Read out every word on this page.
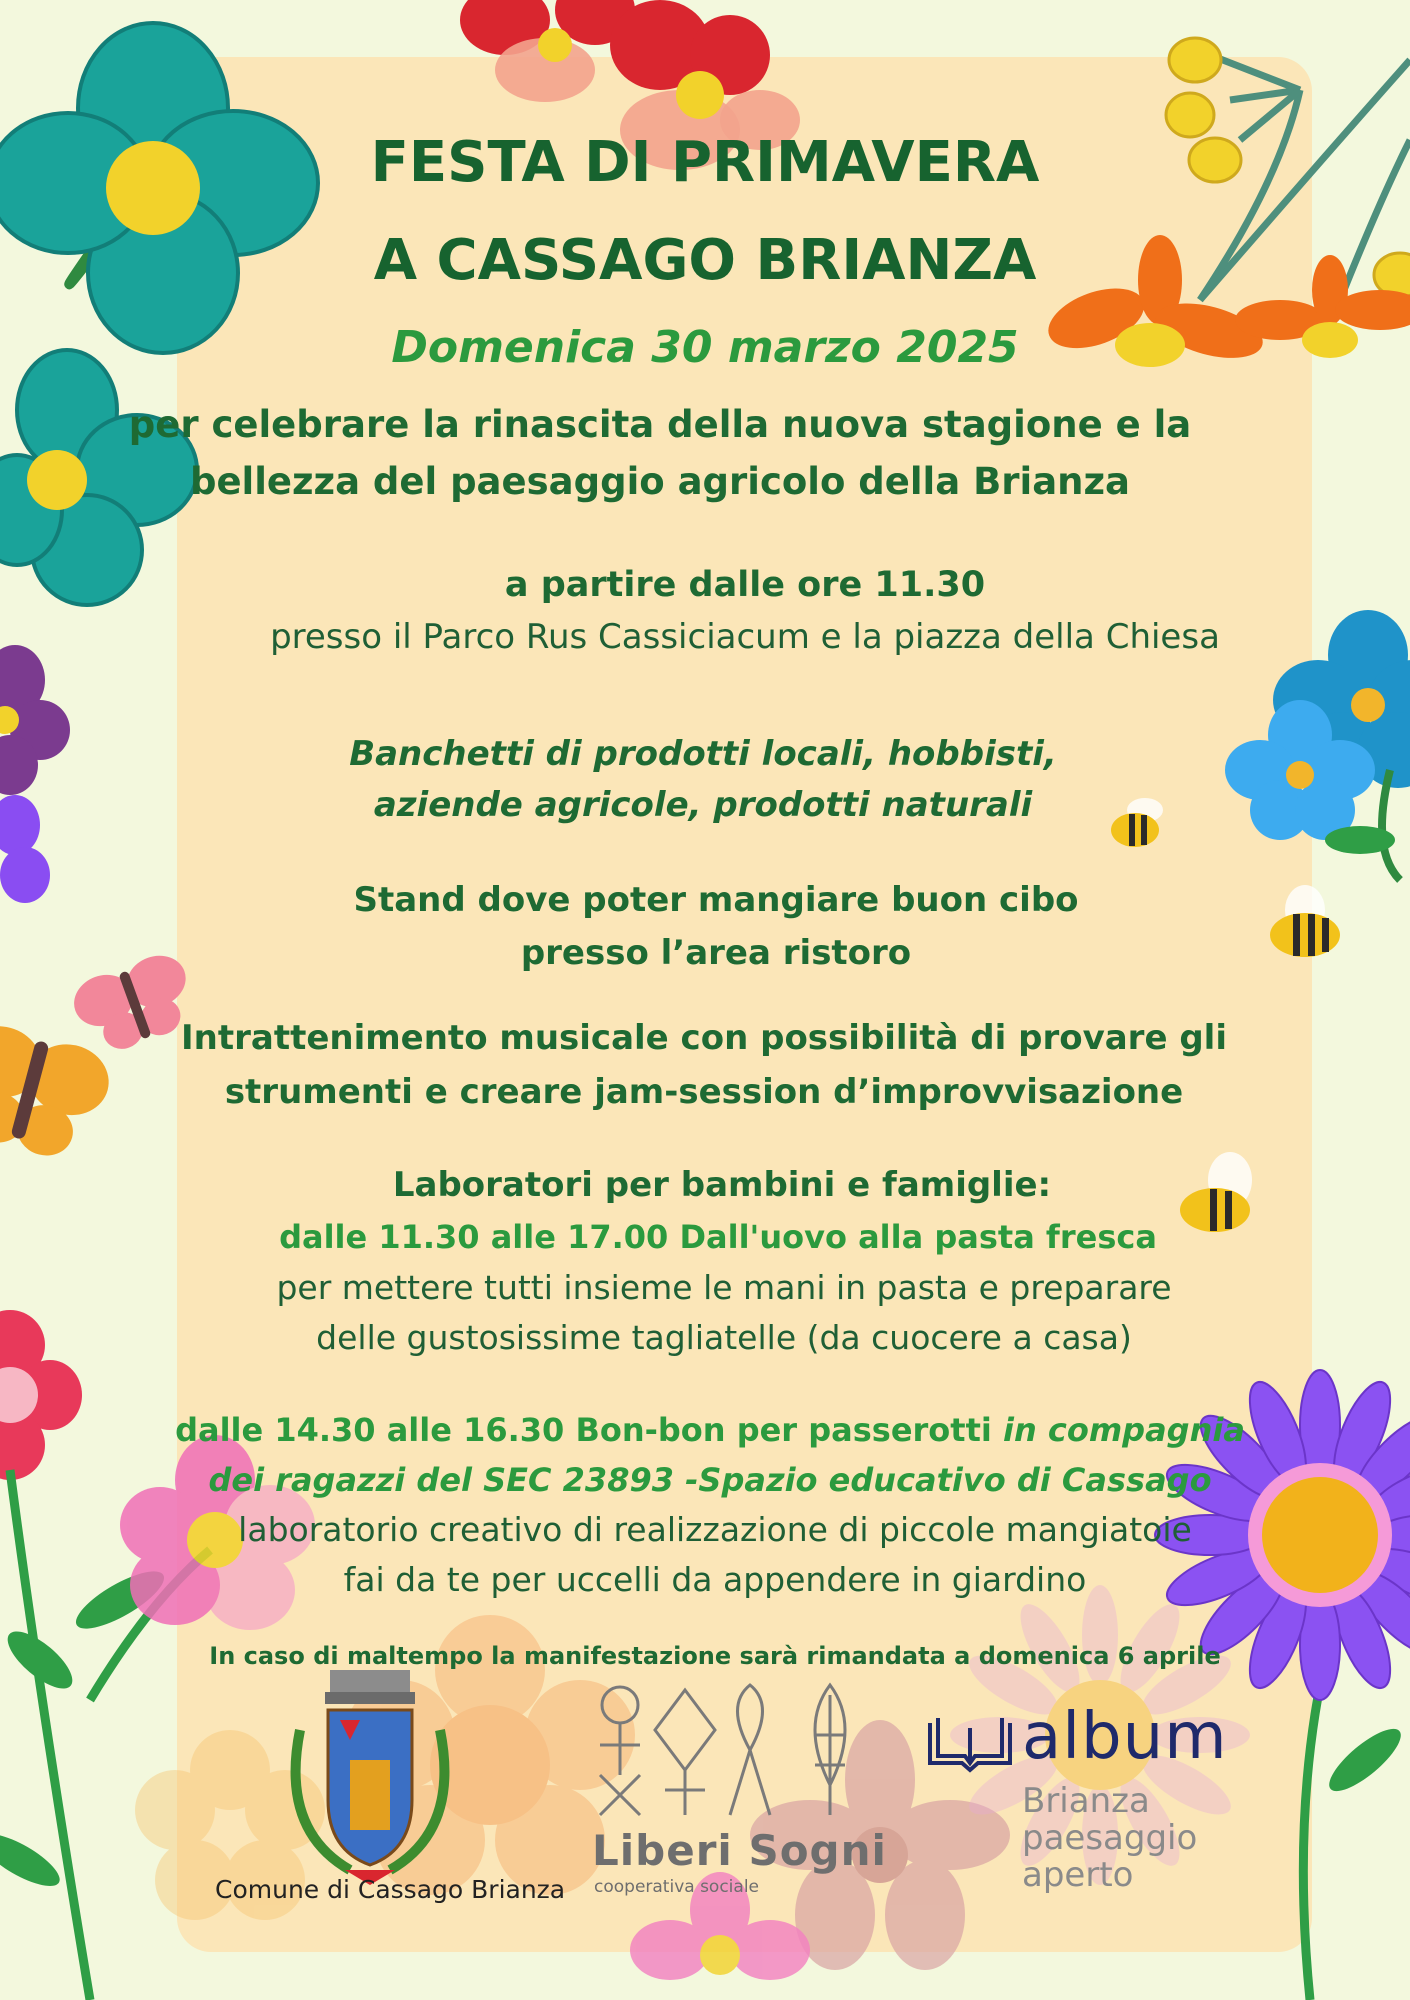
FESTA DI PRIMAVERA
A CASSAGO BRIANZA

Domenica 30 marzo 2025

per celebrare la rinascita della nuova stagione e la

bellezza del paesaggio agricolo della Brianza

a partire dalle ore 11.30

presso il Parco Rus Cassiciacum e la piazza della Chiesa

Banchetti di prodotti locali, hobbisti,

aziende agricole, prodotti naturali

Stand dove poter mangiare buon cibo

presso l’area ristoro

Intrattenimento musicale con possibilità di provare gli

strumenti e creare jam-session d’improvvisazione

Laboratori per bambini e famiglie:

dalle 11.30 alle 17.00 Dall'uovo alla pasta fresca

per mettere tutti insieme le mani in pasta e preparare

delle gustosissime tagliatelle (da cuocere a casa)

dalle 14.30 alle 16.30 Bon-bon per passerotti in compagnia

dei ragazzi del SEC 23893 -Spazio educativo di Cassago

laboratorio creativo di realizzazione di piccole mangiatoie

fai da te per uccelli da appendere in giardino

In caso di maltempo la manifestazione sarà rimandata a domenica 6 aprile

Comune di Cassago Brianza

Liberi Sogni

cooperativa sociale

album

Brianza

paesaggio

aperto
